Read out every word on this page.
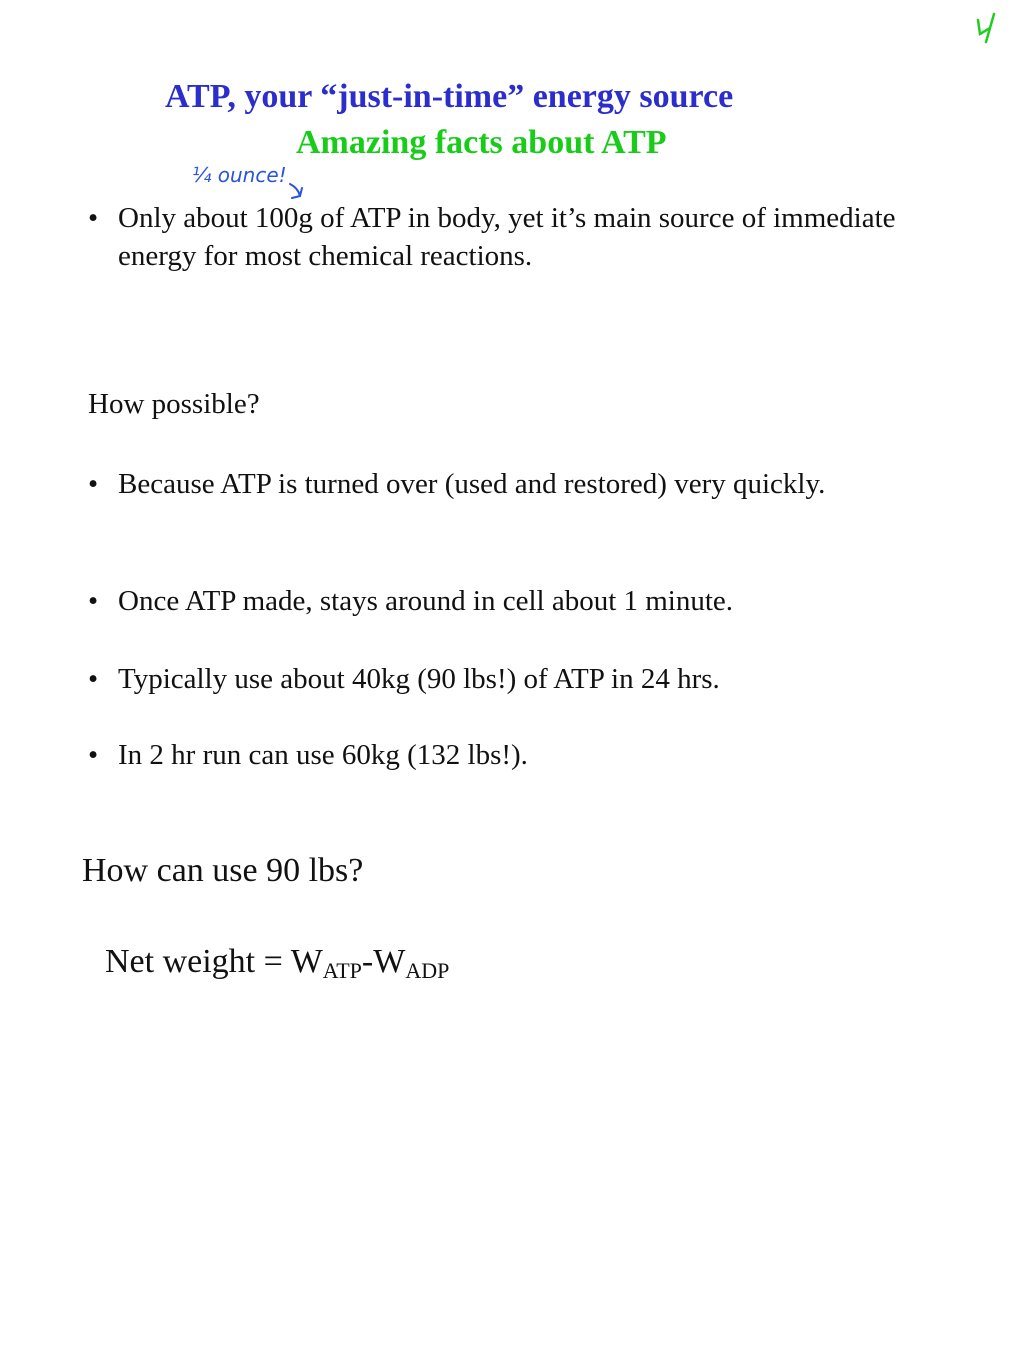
ATP, your “just-in-time” energy source
Amazing facts about ATP
¼ ounce!

• Only about 100g of ATP in body, yet it’s main source of immediate energy for most chemical reactions.

How possible?

• Because ATP is turned over (used and restored) very quickly.

• Once ATP made, stays around in cell about 1 minute.

• Typically use about 40kg (90 lbs!) of ATP in 24 hrs.

• In 2 hr run can use 60kg (132 lbs!).

How can use 90 lbs?

Net weight = $W_{ATP}-W_{ADP}$
